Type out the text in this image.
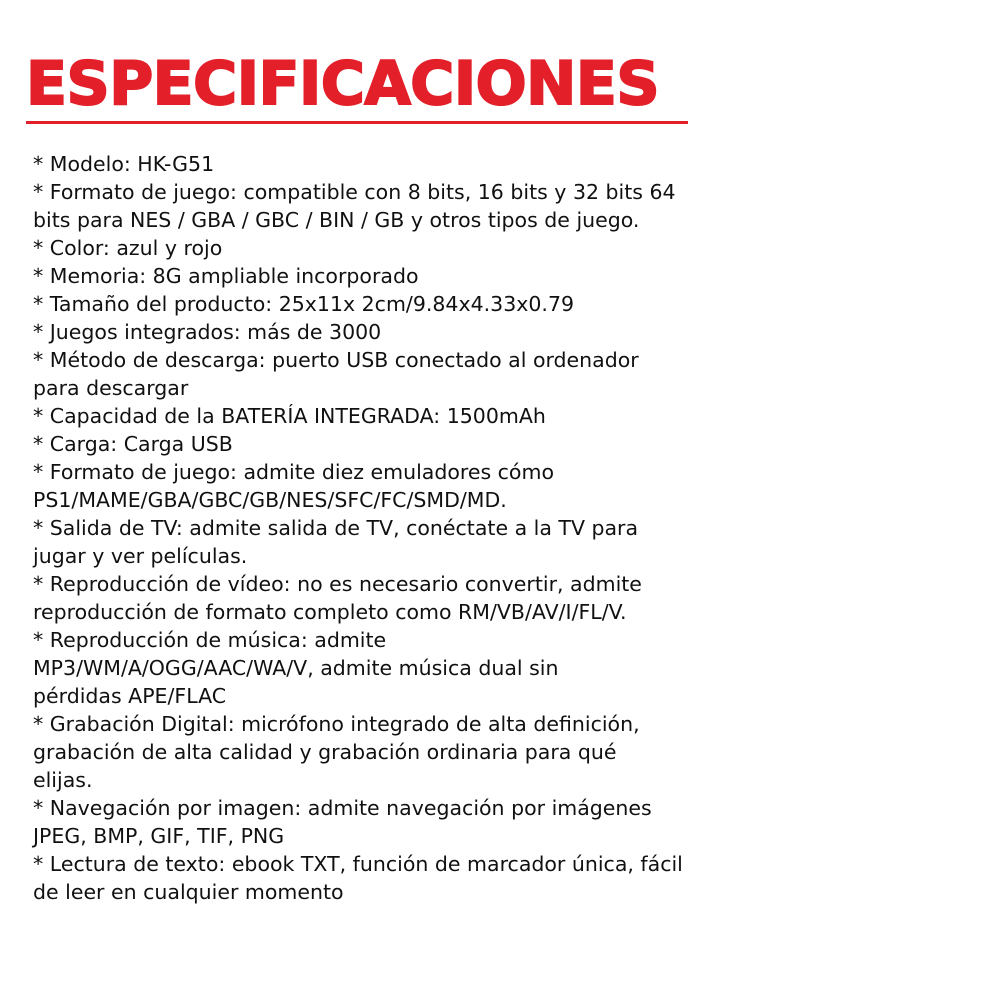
ESPECIFICACIONES
* Modelo: HK-G51
* Formato de juego: compatible con 8 bits, 16 bits y 32 bits 64
bits para NES / GBA / GBC / BIN / GB y otros tipos de juego.
* Color: azul y rojo
* Memoria: 8G ampliable incorporado
* Tamaño del producto: 25x11x 2cm/9.84x4.33x0.79
* Juegos integrados: más de 3000
* Método de descarga: puerto USB conectado al ordenador
para descargar
* Capacidad de la BATERÍA INTEGRADA: 1500mAh
* Carga: Carga USB
* Formato de juego: admite diez emuladores cómo
PS1/MAME/GBA/GBC/GB/NES/SFC/FC/SMD/MD.
* Salida de TV: admite salida de TV, conéctate a la TV para
jugar y ver películas.
* Reproducción de vídeo: no es necesario convertir, admite
reproducción de formato completo como RM/VB/AV/I/FL/V.
* Reproducción de música: admite
MP3/WM/A/OGG/AAC/WA/V, admite música dual sin
pérdidas APE/FLAC
* Grabación Digital: micrófono integrado de alta definición,
grabación de alta calidad y grabación ordinaria para qué
elijas.
* Navegación por imagen: admite navegación por imágenes
JPEG, BMP, GIF, TIF, PNG
* Lectura de texto: ebook TXT, función de marcador única, fácil
de leer en cualquier momento
